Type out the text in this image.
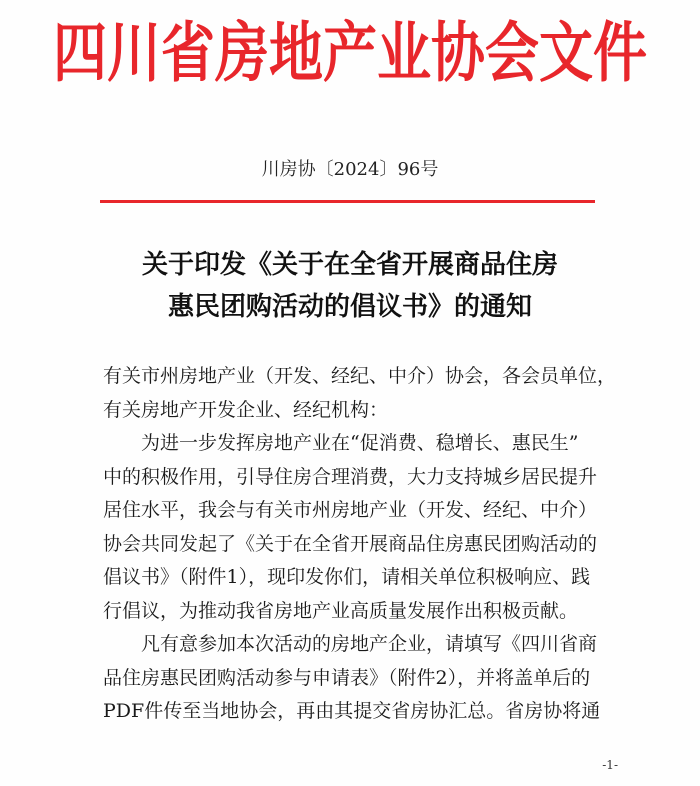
四川省房地产业协会文件
川房协〔2024〕96号
关于印发《关于在全省开展商品住房
惠民团购活动的倡议书》的通知
有关市州房地产业（开发、经纪、中介）协会，各会员单位，
有关房地产开发企业、经纪机构：
为进一步发挥房地产业在“促消费、稳增长、惠民生”
中的积极作用，引导住房合理消费，大力支持城乡居民提升
居住水平，我会与有关市州房地产业（开发、经纪、中介）
协会共同发起了《关于在全省开展商品住房惠民团购活动的
倡议书》（附件1），现印发你们，请相关单位积极响应、践
行倡议，为推动我省房地产业高质量发展作出积极贡献。
凡有意参加本次活动的房地产企业，请填写《四川省商
品住房惠民团购活动参与申请表》（附件2），并将盖单后的
PDF件传至当地协会，再由其提交省房协汇总。省房协将通
-1-
